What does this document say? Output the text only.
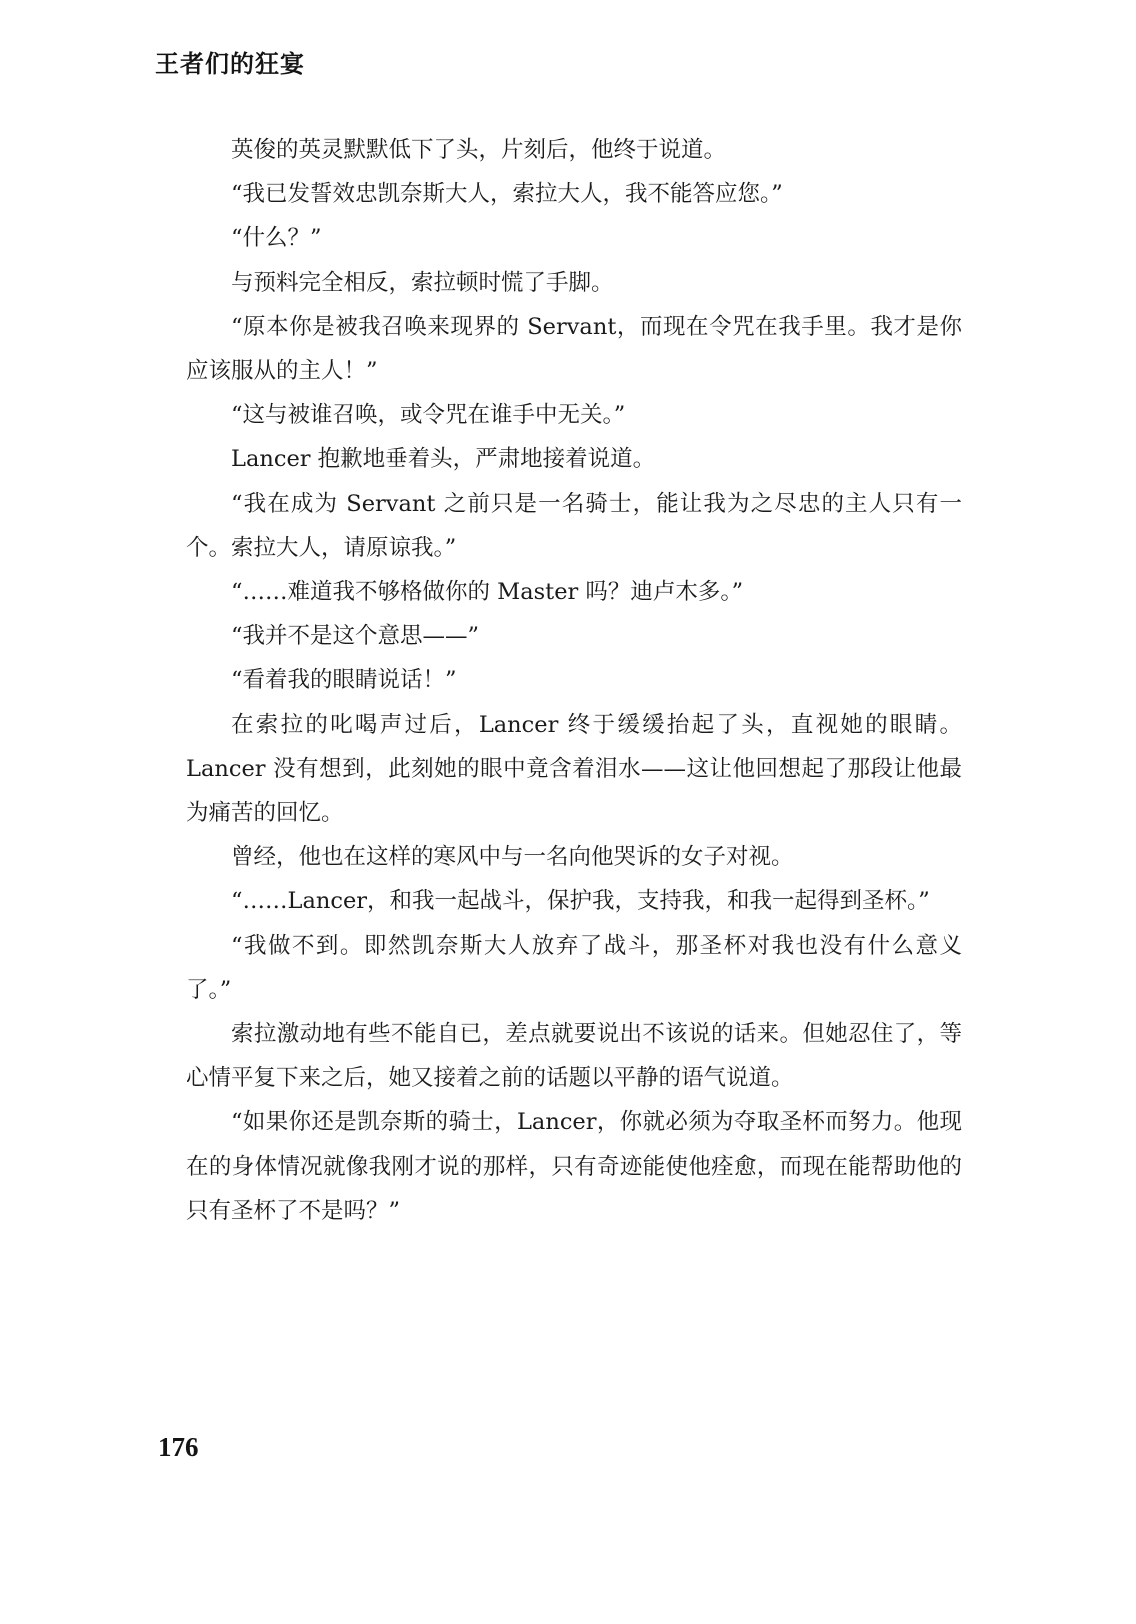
王者们的狂宴

英俊的英灵默默低下了头，片刻后，他终于说道。

“我已发誓效忠凯奈斯大人，索拉大人，我不能答应您。”

“什么？”

与预料完全相反，索拉顿时慌了手脚。

“原本你是被我召唤来现界的 Servant，而现在令咒在我手里。我才是你应该服从的主人！”

“这与被谁召唤，或令咒在谁手中无关。”

Lancer 抱歉地垂着头，严肃地接着说道。

“我在成为 Servant 之前只是一名骑士，能让我为之尽忠的主人只有一个。索拉大人，请原谅我。”

“……难道我不够格做你的 Master 吗？迪卢木多。”

“我并不是这个意思——”

“看着我的眼睛说话！”

在索拉的叱喝声过后，Lancer 终于缓缓抬起了头，直视她的眼睛。Lancer 没有想到，此刻她的眼中竟含着泪水——这让他回想起了那段让他最为痛苦的回忆。

曾经，他也在这样的寒风中与一名向他哭诉的女子对视。

“……Lancer，和我一起战斗，保护我，支持我，和我一起得到圣杯。”

“我做不到。即然凯奈斯大人放弃了战斗，那圣杯对我也没有什么意义了。”

索拉激动地有些不能自已，差点就要说出不该说的话来。但她忍住了，等心情平复下来之后，她又接着之前的话题以平静的语气说道。

“如果你还是凯奈斯的骑士，Lancer，你就必须为夺取圣杯而努力。他现在的身体情况就像我刚才说的那样，只有奇迹能使他痊愈，而现在能帮助他的只有圣杯了不是吗？”

176
